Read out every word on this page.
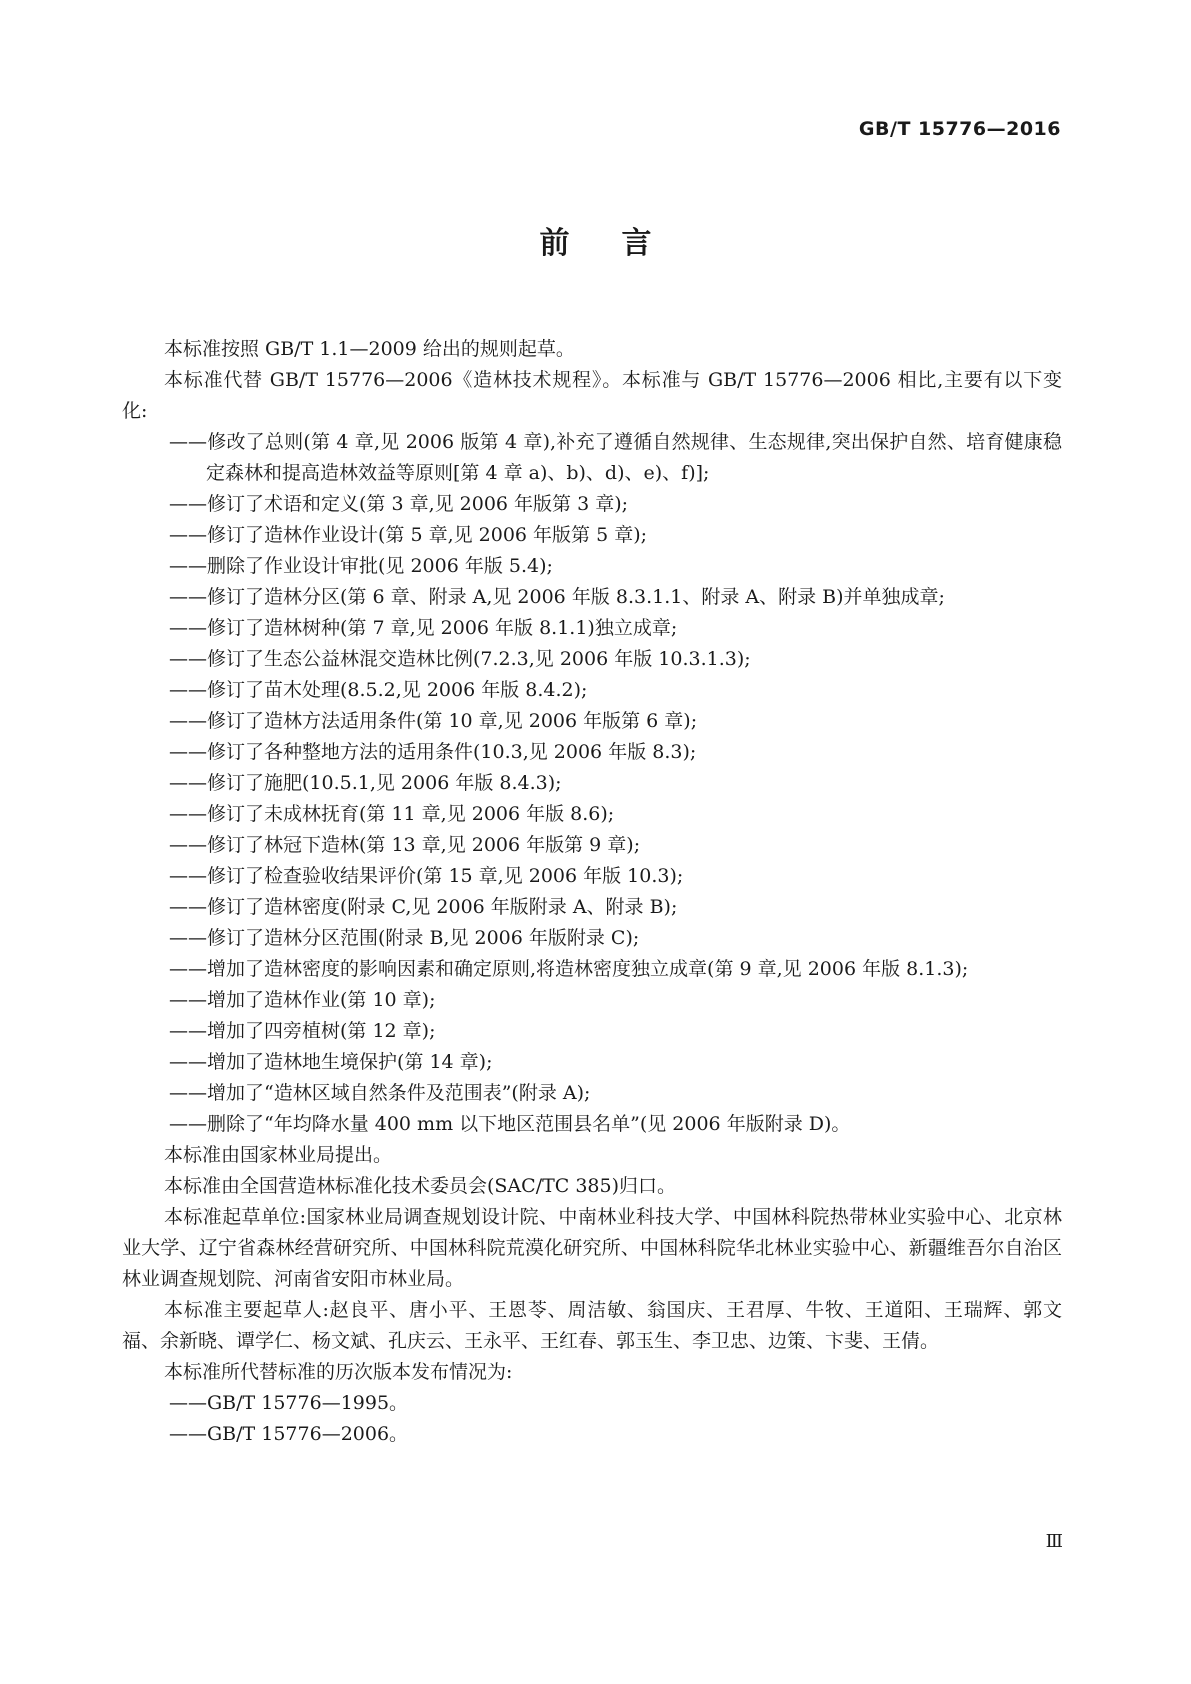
GB/T 15776—2016
前言

本标准按照 GB/T 1.1—2009 给出的规则起草。

本标准代替 GB/T 15776—2006《造林技术规程》。本标准与 GB/T 15776—2006 相比,主要有以下变化:

——修改了总则(第 4 章,见 2006 版第 4 章),补充了遵循自然规律、生态规律,突出保护自然、培育健康稳定森林和提高造林效益等原则[第 4 章 a)、b)、d)、e)、f)];

——修订了术语和定义(第 3 章,见 2006 年版第 3 章);

——修订了造林作业设计(第 5 章,见 2006 年版第 5 章);

——删除了作业设计审批(见 2006 年版 5.4);

——修订了造林分区(第 6 章、附录 A,见 2006 年版 8.3.1.1、附录 A、附录 B)并单独成章;

——修订了造林树种(第 7 章,见 2006 年版 8.1.1)独立成章;

——修订了生态公益林混交造林比例(7.2.3,见 2006 年版 10.3.1.3);

——修订了苗木处理(8.5.2,见 2006 年版 8.4.2);

——修订了造林方法适用条件(第 10 章,见 2006 年版第 6 章);

——修订了各种整地方法的适用条件(10.3,见 2006 年版 8.3);

——修订了施肥(10.5.1,见 2006 年版 8.4.3);

——修订了未成林抚育(第 11 章,见 2006 年版 8.6);

——修订了林冠下造林(第 13 章,见 2006 年版第 9 章);

——修订了检查验收结果评价(第 15 章,见 2006 年版 10.3);

——修订了造林密度(附录 C,见 2006 年版附录 A、附录 B);

——修订了造林分区范围(附录 B,见 2006 年版附录 C);

——增加了造林密度的影响因素和确定原则,将造林密度独立成章(第 9 章,见 2006 年版 8.1.3);

——增加了造林作业(第 10 章);

——增加了四旁植树(第 12 章);

——增加了造林地生境保护(第 14 章);

——增加了“造林区域自然条件及范围表”(附录 A);

——删除了“年均降水量 400 mm 以下地区范围县名单”(见 2006 年版附录 D)。

本标准由国家林业局提出。

本标准由全国营造林标准化技术委员会(SAC/TC 385)归口。

本标准起草单位:国家林业局调查规划设计院、中南林业科技大学、中国林科院热带林业实验中心、北京林业大学、辽宁省森林经营研究所、中国林科院荒漠化研究所、中国林科院华北林业实验中心、新疆维吾尔自治区林业调查规划院、河南省安阳市林业局。

本标准主要起草人:赵良平、唐小平、王恩苓、周洁敏、翁国庆、王君厚、牛牧、王道阳、王瑞辉、郭文福、余新晓、谭学仁、杨文斌、孔庆云、王永平、王红春、郭玉生、李卫忠、边策、卞斐、王倩。

本标准所代替标准的历次版本发布情况为:

——GB/T 15776—1995。

——GB/T 15776—2006。

Ⅲ
